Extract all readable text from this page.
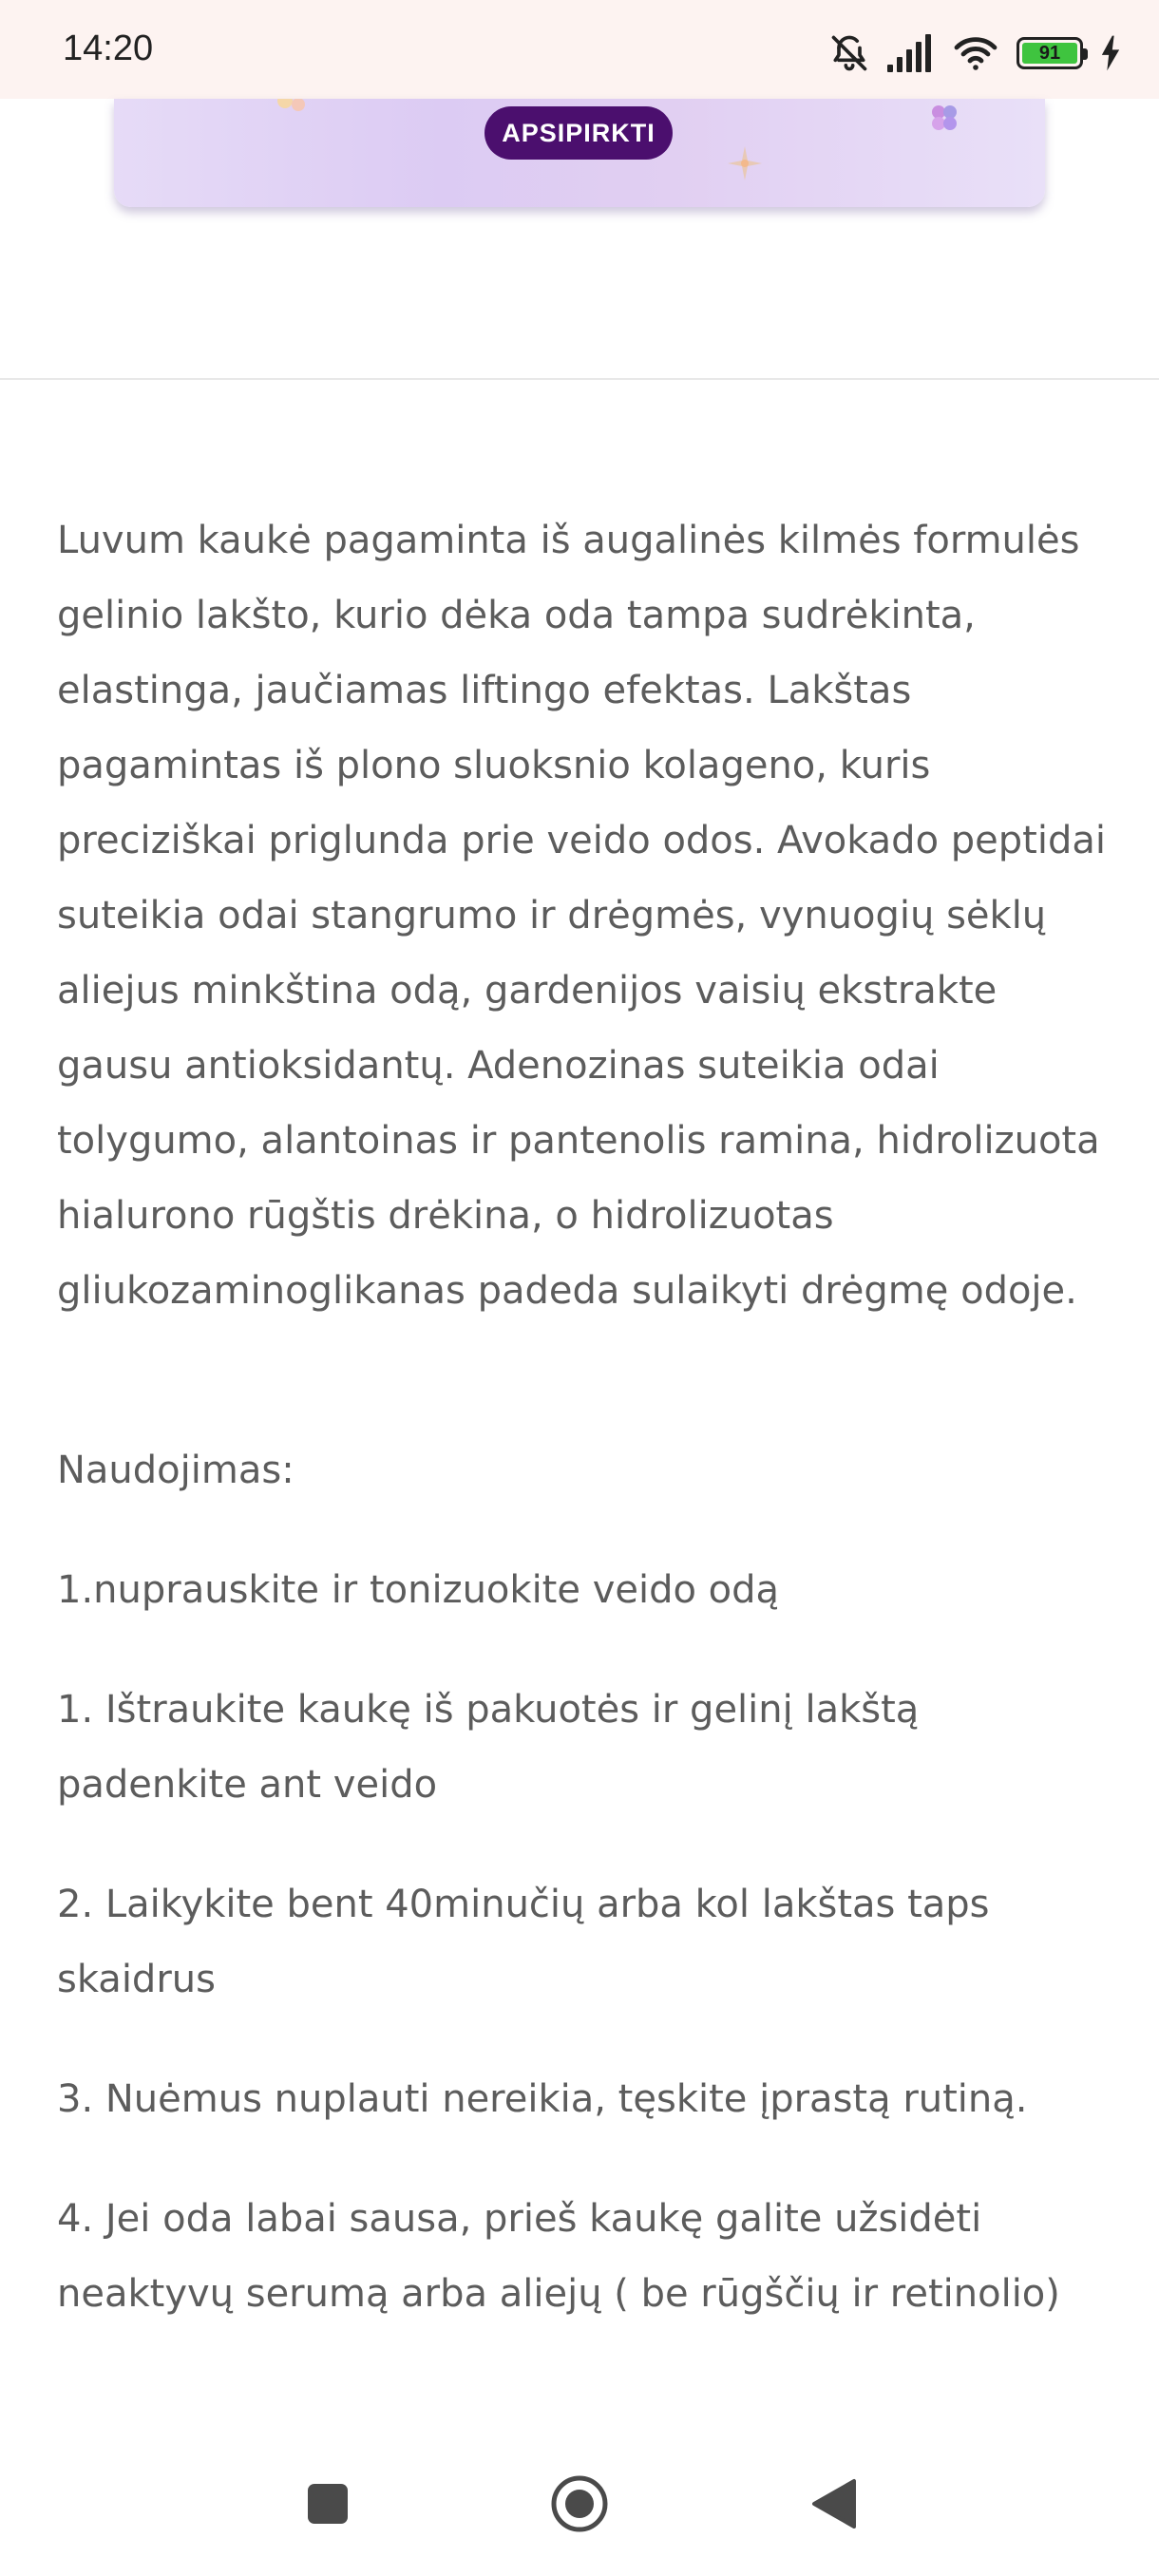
14:20	91
APSIPIRKTI

Luvum kaukė pagaminta iš augalinės kilmės formulės gelinio lakšto, kurio dėka oda tampa sudrėkinta, elastinga, jaučiamas liftingo efektas. Lakštas pagamintas iš plono sluoksnio kolageno, kuris preciziškai priglunda prie veido odos. Avokado peptidai suteikia odai stangrumo ir drėgmės, vynuogių sėklų aliejus minkština odą, gardenijos vaisių ekstrakte gausu antioksidantų. Adenozinas suteikia odai tolygumo, alantoinas ir pantenolis ramina, hidrolizuota hialurono rūgštis drėkina, o hidrolizuotas gliukozaminoglikanas padeda sulaikyti drėgmę odoje.

Naudojimas:

1.nuprauskite ir tonizuokite veido odą

1. Ištraukite kaukę iš pakuotės ir gelinį lakštą padenkite ant veido

2. Laikykite bent 40minučių arba kol lakštas taps skaidrus

3. Nuėmus nuplauti nereikia, tęskite įprastą rutiną.

4. Jei oda labai sausa, prieš kaukę galite užsidėti neaktyvų serumą arba aliejų ( be rūgščių ir retinolio)
